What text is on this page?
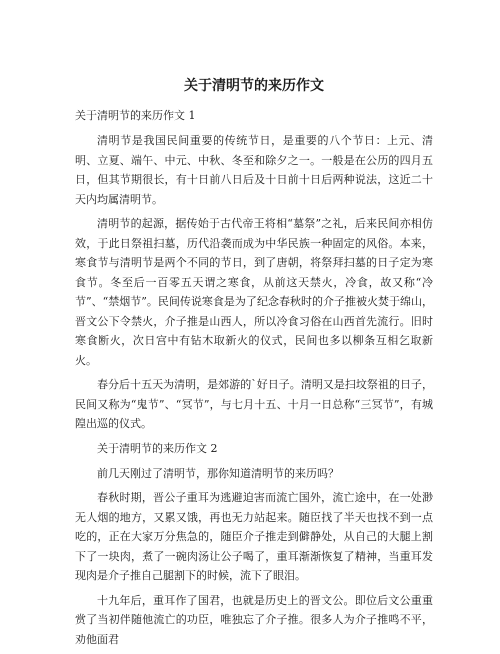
关于清明节的来历作文
关于清明节的来历作文 1

清明节是我国民间重要的传统节日，是重要的八个节日：上元、清明、立夏、端午、中元、中秋、冬至和除夕之一。一般是在公历的四月五日，但其节期很长，有十日前八日后及十日前十日后两种说法，这近二十天内均属清明节。

清明节的起源，据传始于古代帝王将相“墓祭”之礼，后来民间亦相仿效，于此日祭祖扫墓，历代沿袭而成为中华民族一种固定的风俗。本来，寒食节与清明节是两个不同的节日，到了唐朝，将祭拜扫墓的日子定为寒食节。冬至后一百零五天谓之寒食，从前这天禁火，冷食，故又称“冷节”、“禁烟节”。民间传说寒食是为了纪念春秋时的介子推被火焚于绵山，晋文公下令禁火，介子推是山西人，所以冷食习俗在山西首先流行。旧时寒食断火，次日宫中有钻木取新火的仪式，民间也多以柳条互相乞取新火。

春分后十五天为清明，是郊游的`好日子。清明又是扫坟祭祖的日子，民间又称为“鬼节”、“冥节”，与七月十五、十月一日总称“三冥节”，有城隍出巡的仪式。

关于清明节的来历作文 2

前几天刚过了清明节，那你知道清明节的来历吗？

春秋时期，晋公子重耳为逃避迫害而流亡国外，流亡途中，在一处渺无人烟的地方，又累又饿，再也无力站起来。随臣找了半天也找不到一点吃的，正在大家万分焦急的，随臣介子推走到僻静处，从自己的大腿上割下了一块肉，煮了一碗肉汤让公子喝了，重耳渐渐恢复了精神，当重耳发现肉是介子推自己腿割下的时候，流下了眼泪。

十九年后，重耳作了国君，也就是历史上的晋文公。即位后文公重重赏了当初伴随他流亡的功臣，唯独忘了介子推。很多人为介子推鸣不平，劝他面君
